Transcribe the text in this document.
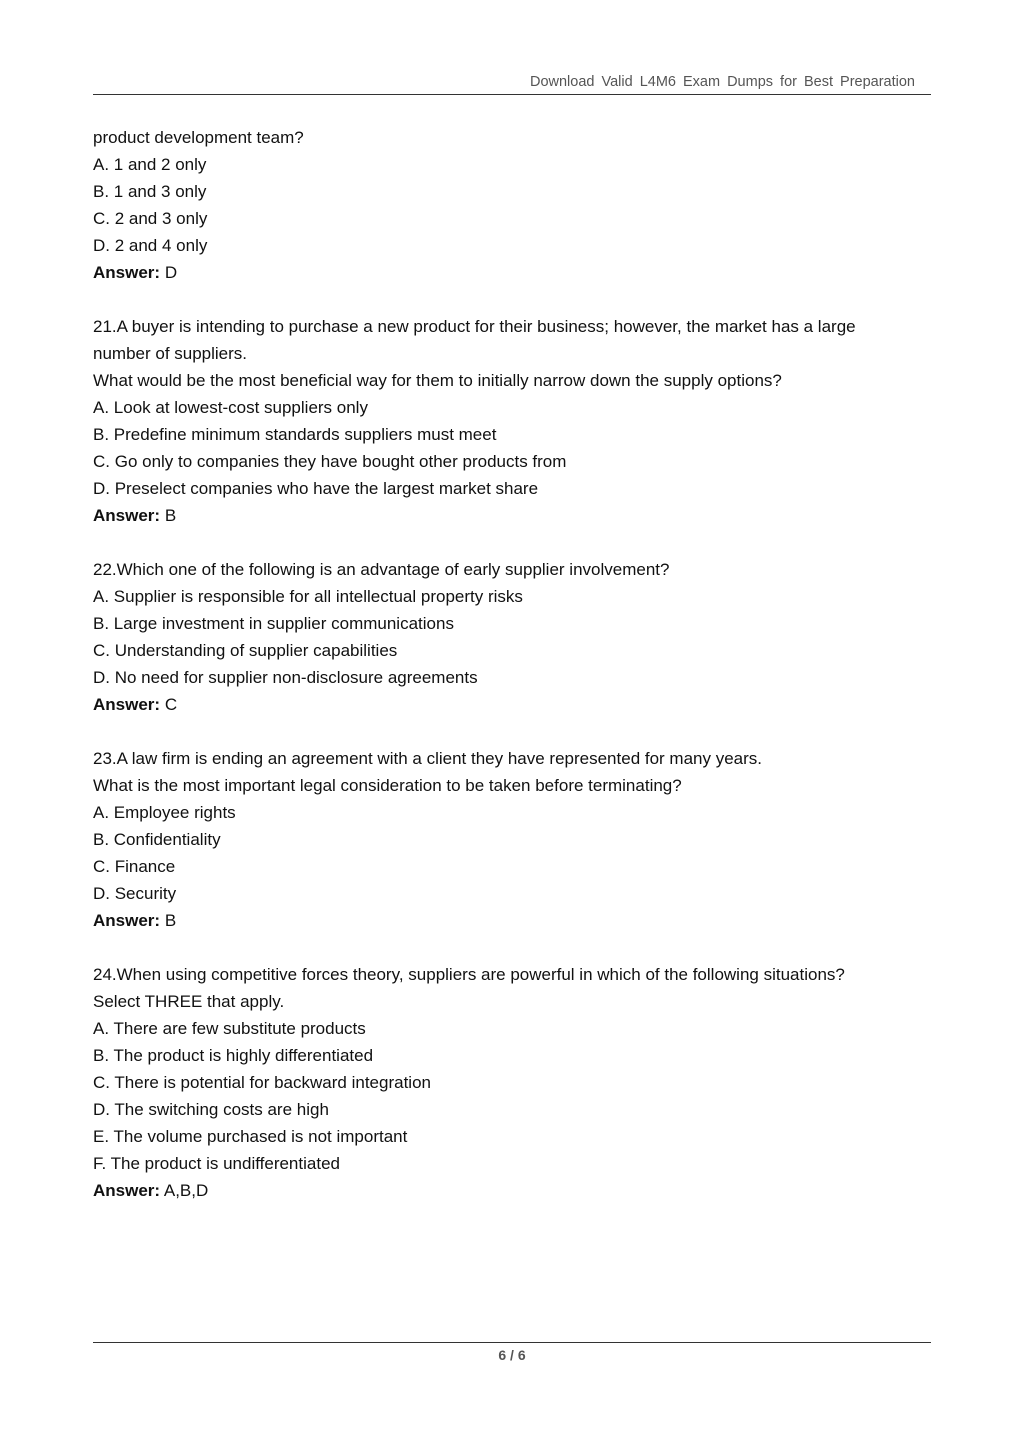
Download Valid L4M6 Exam Dumps for Best Preparation

product development team?

A. 1 and 2 only

B. 1 and 3 only

C. 2 and 3 only

D. 2 and 4 only

Answer: D

21.A buyer is intending to purchase a new product for their business; however, the market has a large

number of suppliers.

What would be the most beneficial way for them to initially narrow down the supply options?

A. Look at lowest-cost suppliers only

B. Predefine minimum standards suppliers must meet

C. Go only to companies they have bought other products from

D. Preselect companies who have the largest market share

Answer: B

22.Which one of the following is an advantage of early supplier involvement?

A. Supplier is responsible for all intellectual property risks

B. Large investment in supplier communications

C. Understanding of supplier capabilities

D. No need for supplier non-disclosure agreements

Answer: C

23.A law firm is ending an agreement with a client they have represented for many years.

What is the most important legal consideration to be taken before terminating?

A. Employee rights

B. Confidentiality

C. Finance

D. Security

Answer: B

24.When using competitive forces theory, suppliers are powerful in which of the following situations?

Select THREE that apply.

A. There are few substitute products

B. The product is highly differentiated

C. There is potential for backward integration

D. The switching costs are high

E. The volume purchased is not important

F. The product is undifferentiated

Answer: A,B,D

6 / 6
